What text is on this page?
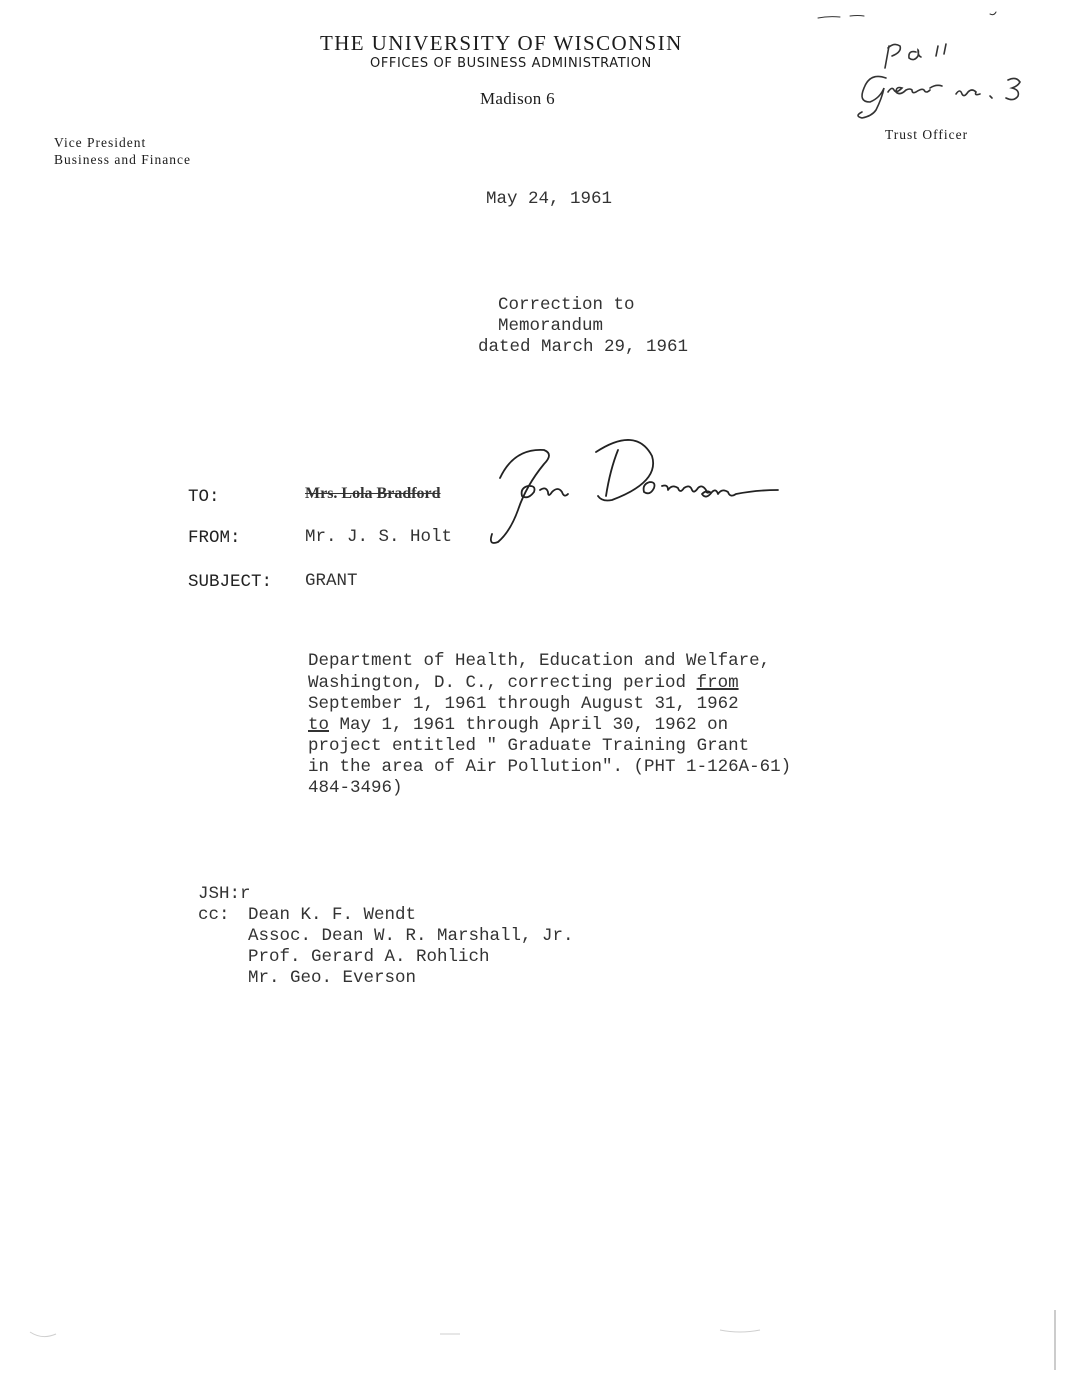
THE UNIVERSITY OF WISCONSIN
OFFICES OF BUSINESS ADMINISTRATION
Madison 6
Vice President
Business and Finance
Trust Officer
May 24, 1961
Correction to
Memorandum
dated March 29, 1961
TO:	Mrs. Lola Bradford
FROM:	Mr. J. S. Holt
SUBJECT: GRANT
Department of Health, Education and Welfare,
Washington, D. C., correcting period from
September 1, 1961 through August 31, 1962
to May 1, 1961 through April 30, 1962 on
project entitled " Graduate Training Grant
in the area of Air Pollution". (PHT 1-126A-61)
484-3496)
JSH:r
cc: Dean K. F. Wendt
Assoc. Dean W. R. Marshall, Jr.
Prof. Gerard A. Rohlich
Mr. Geo. Everson
